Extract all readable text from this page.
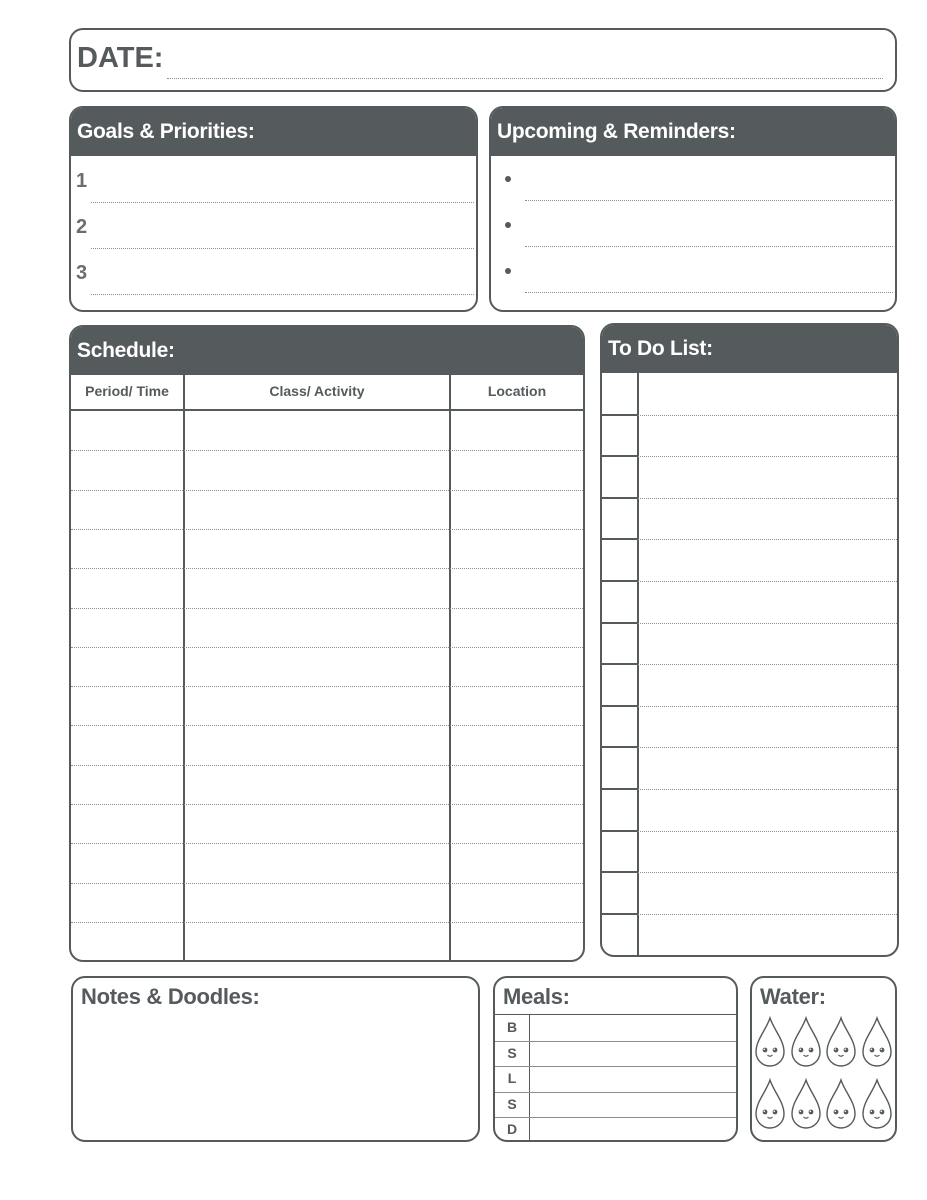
DATE:
Goals & Priorities:
1
2
3
Upcoming & Reminders:
Schedule:
Period/ Time	Class/ Activity	Location
To Do List:
Notes & Doodles:	Meals:
B
S
L
S
D
Water:
